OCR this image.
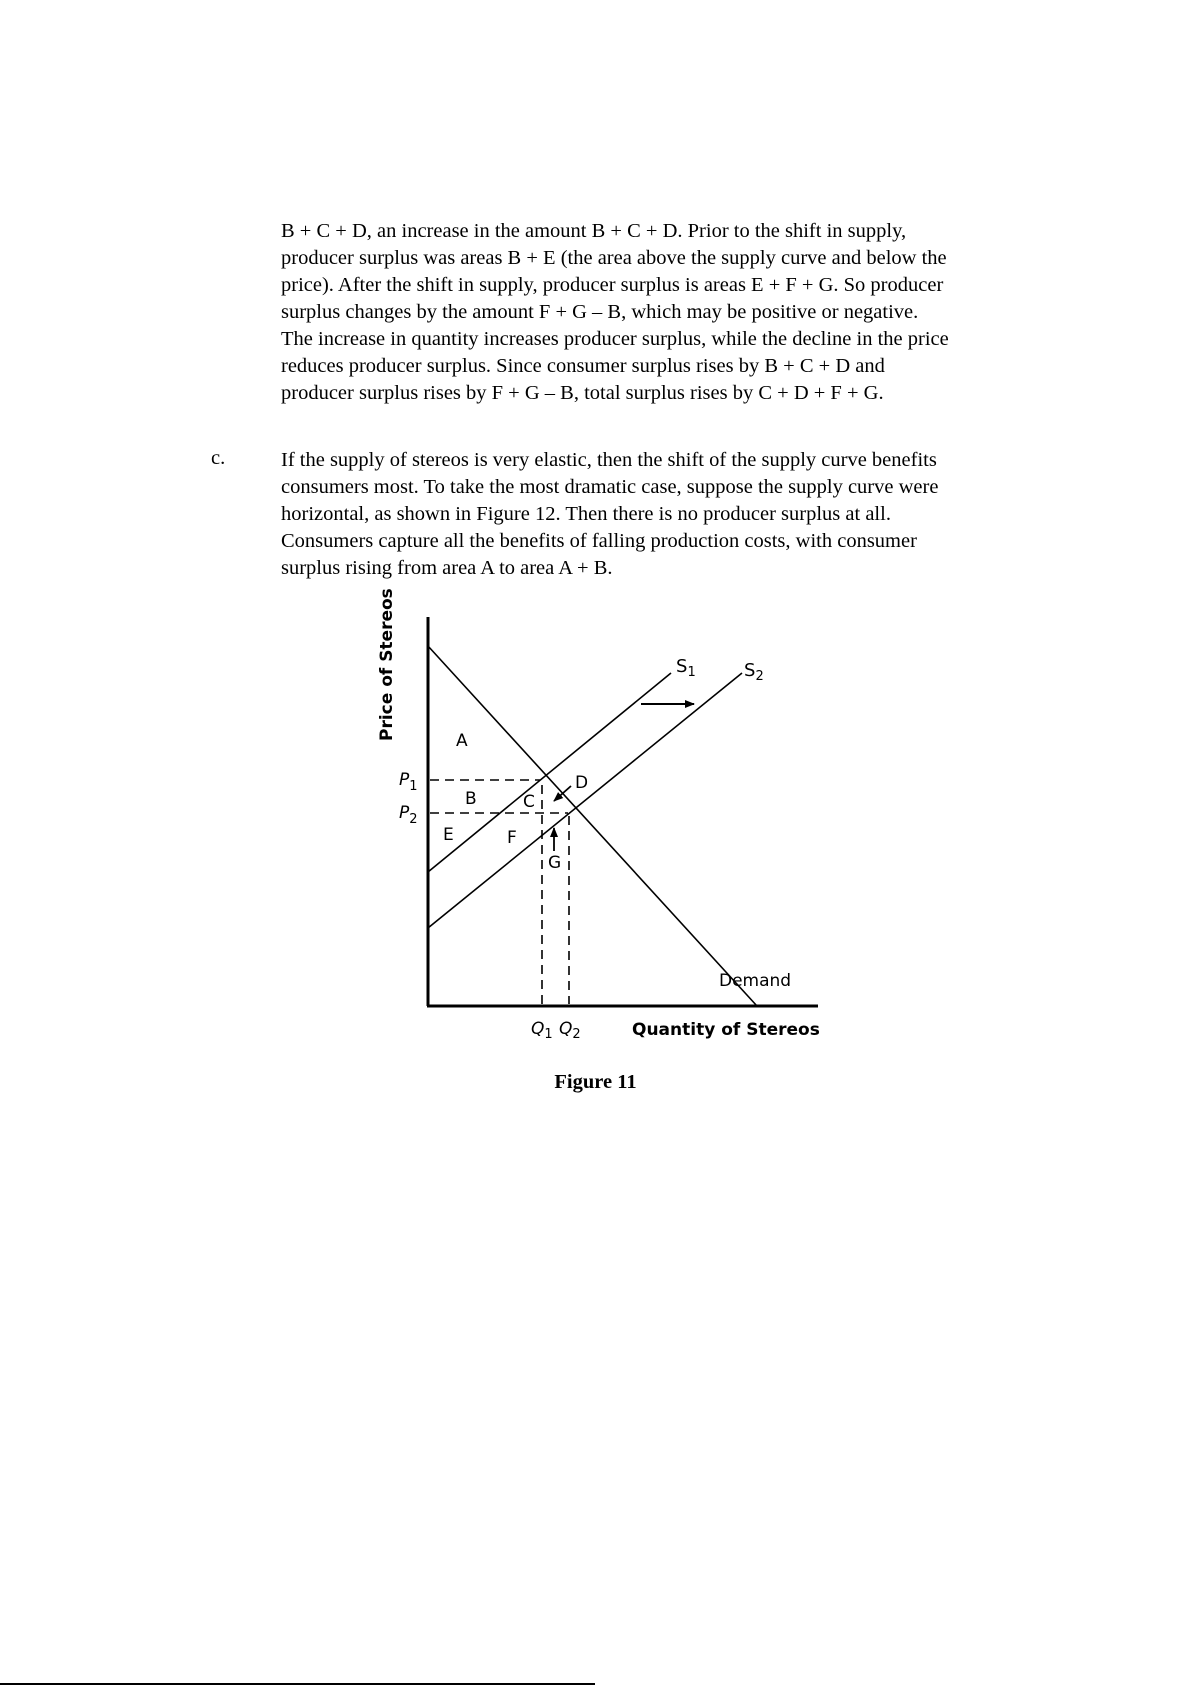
B + C + D, an increase in the amount B + C + D. Prior to the shift in supply,
producer surplus was areas B + E (the area above the supply curve and below the
price). After the shift in supply, producer surplus is areas E + F + G. So producer
surplus changes by the amount F + G – B, which may be positive or negative.
The increase in quantity increases producer surplus, while the decline in the price
reduces producer surplus. Since consumer surplus rises by B + C + D and
producer surplus rises by F + G – B, total surplus rises by C + D + F + G.
c.	If the supply of stereos is very elastic, then the shift of the supply curve benefits
consumers most. To take the most dramatic case, suppose the supply curve were
horizontal, as shown in Figure 12. Then there is no producer surplus at all.
Consumers capture all the benefits of falling production costs, with consumer
surplus rising from area A to area A + B.
Price of Stereos
Quantity of Stereos
$P_1$
$P_2$
$Q_1$ $Q_2$
$S_1$	$S_2$
Demand
A
B	C
D
E	F
G
Figure 11
